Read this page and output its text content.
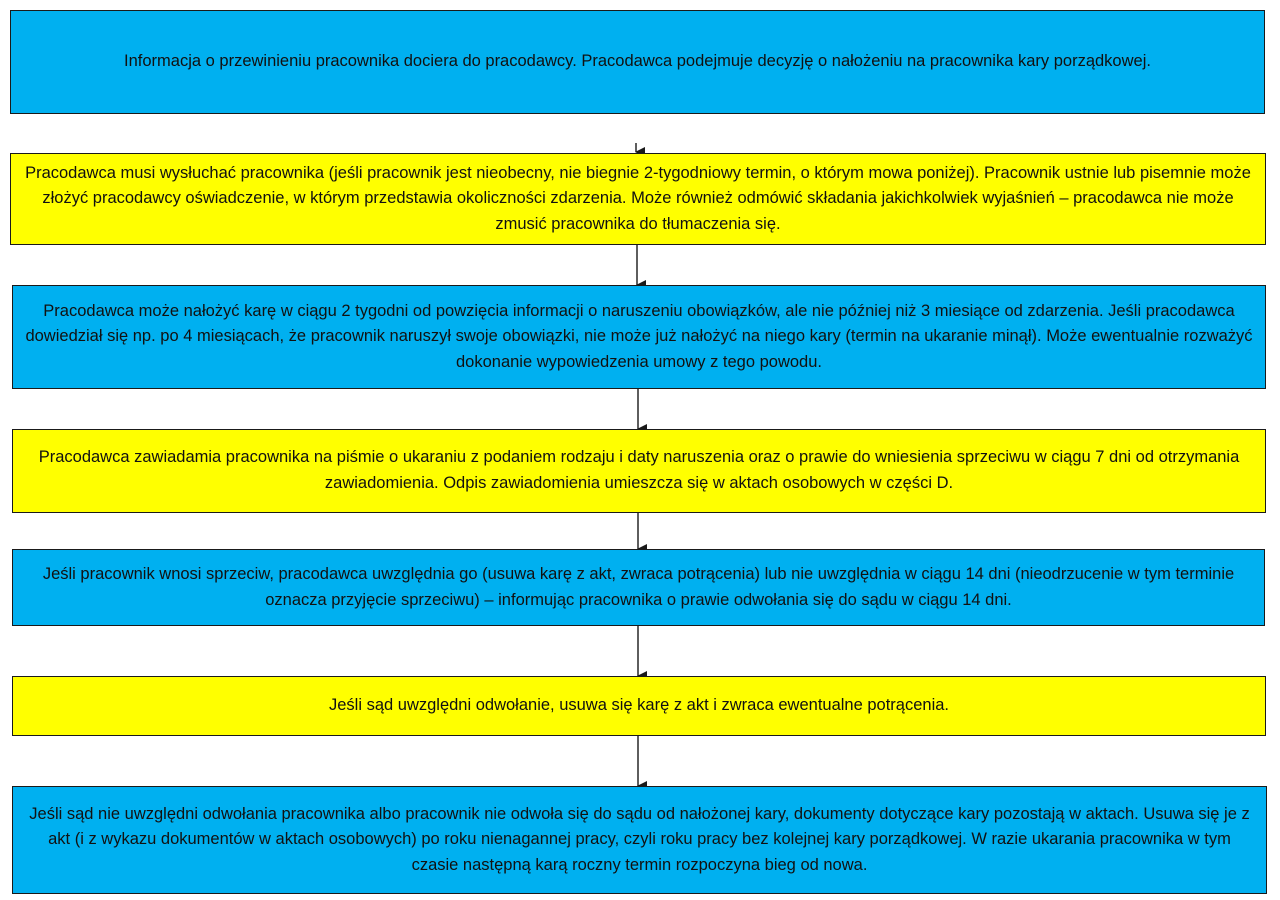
Informacja o przewinieniu pracownika dociera do pracodawcy. Pracodawca podejmuje decyzję o nałożeniu na pracownika kary porządkowej.
Pracodawca musi wysłuchać pracownika (jeśli pracownik jest nieobecny, nie biegnie 2-tygodniowy termin, o którym mowa poniżej). Pracownik ustnie lub pisemnie może złożyć pracodawcy oświadczenie, w którym przedstawia okoliczności zdarzenia. Może również odmówić składania jakichkolwiek wyjaśnień – pracodawca nie może zmusić pracownika do tłumaczenia się.
Pracodawca może nałożyć karę w ciągu 2 tygodni od powzięcia informacji o naruszeniu obowiązków, ale nie później niż 3 miesiące od zdarzenia. Jeśli pracodawca dowiedział się np. po 4 miesiącach, że pracownik naruszył swoje obowiązki, nie może już nałożyć na niego kary (termin na ukaranie minął). Może ewentualnie rozważyć dokonanie wypowiedzenia umowy z tego powodu.
Pracodawca zawiadamia pracownika na piśmie o ukaraniu z podaniem rodzaju i daty naruszenia oraz o prawie do wniesienia sprzeciwu w ciągu 7 dni od otrzymania zawiadomienia. Odpis zawiadomienia umieszcza się w aktach osobowych w części D.
Jeśli pracownik wnosi sprzeciw, pracodawca uwzględnia go (usuwa karę z akt, zwraca potrącenia) lub nie uwzględnia w ciągu 14 dni (nieodrzucenie w tym terminie oznacza przyjęcie sprzeciwu) – informując pracownika o prawie odwołania się do sądu w ciągu 14 dni.
Jeśli sąd uwzględni odwołanie, usuwa się karę z akt i zwraca ewentualne potrącenia.
Jeśli sąd nie uwzględni odwołania pracownika albo pracownik nie odwoła się do sądu od nałożonej kary, dokumenty dotyczące kary pozostają w aktach. Usuwa się je z akt (i z wykazu dokumentów w aktach osobowych) po roku nienagannej pracy, czyli roku pracy bez kolejnej kary porządkowej. W razie ukarania pracownika w tym czasie następną karą roczny termin rozpoczyna bieg od nowa.
